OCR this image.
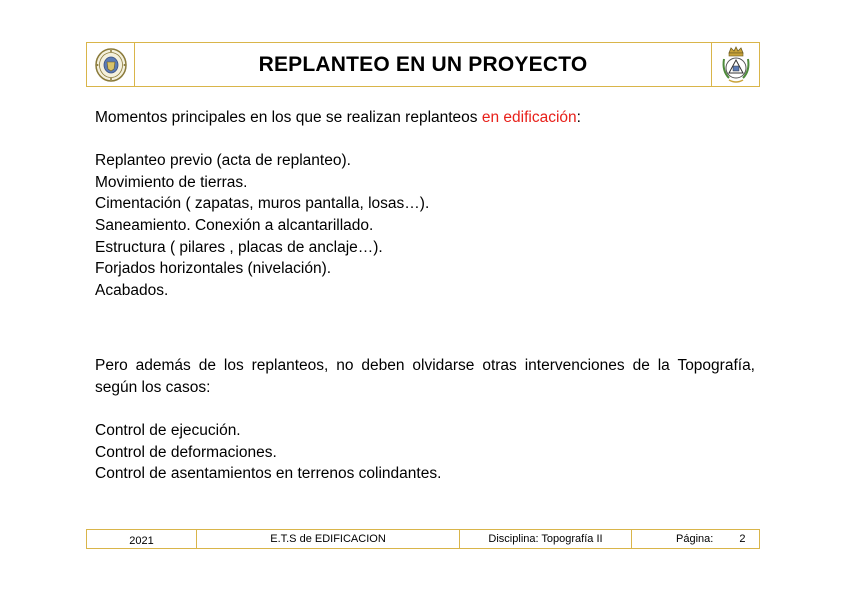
REPLANTEO EN UN PROYECTO

Momentos principales en los que se realizan replanteos en edificación:

Replanteo previo (acta de replanteo).

Movimiento de tierras.

Cimentación ( zapatas, muros pantalla, losas…).

Saneamiento. Conexión a alcantarillado.

Estructura ( pilares , placas de anclaje…).

Forjados horizontales (nivelación).

Acabados.

Pero además de los replanteos, no deben olvidarse otras intervenciones de la Topografía, según los casos:

Control de ejecución.

Control de deformaciones.

Control de asentamientos en terrenos colindantes.

2021	E.T.S de EDIFICACION	Disciplina: Topografía II	Página: 2
